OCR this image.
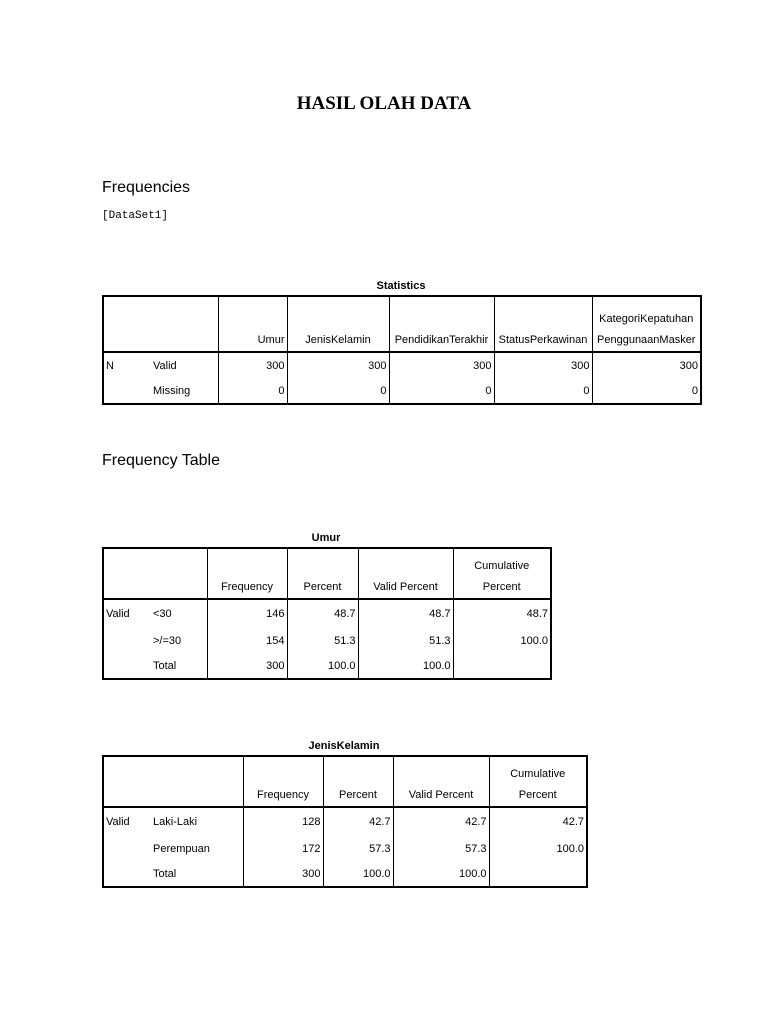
HASIL OLAH DATA
Frequencies
[DataSet1]
Statistics

		Umur	JenisKelamin	PendidikanTerakhir	StatusPerkawinan	KategoriKepatuhan
PenggunaanMasker

N	Valid	300	300	300	300	300
	Missing	0	0	0	0	0
Frequency Table
Umur

		Frequency	Percent	Valid Percent	Cumulative
Percent

Valid	<30	146	48.7	48.7	48.7
	>/=30	154	51.3	51.3	100.0
	Total	300	100.0	100.0	
JenisKelamin

		Frequency	Percent	Valid Percent	Cumulative
Percent

Valid	Laki-Laki	128	42.7	42.7	42.7
	Perempuan	172	57.3	57.3	100.0
	Total	300	100.0	100.0	
